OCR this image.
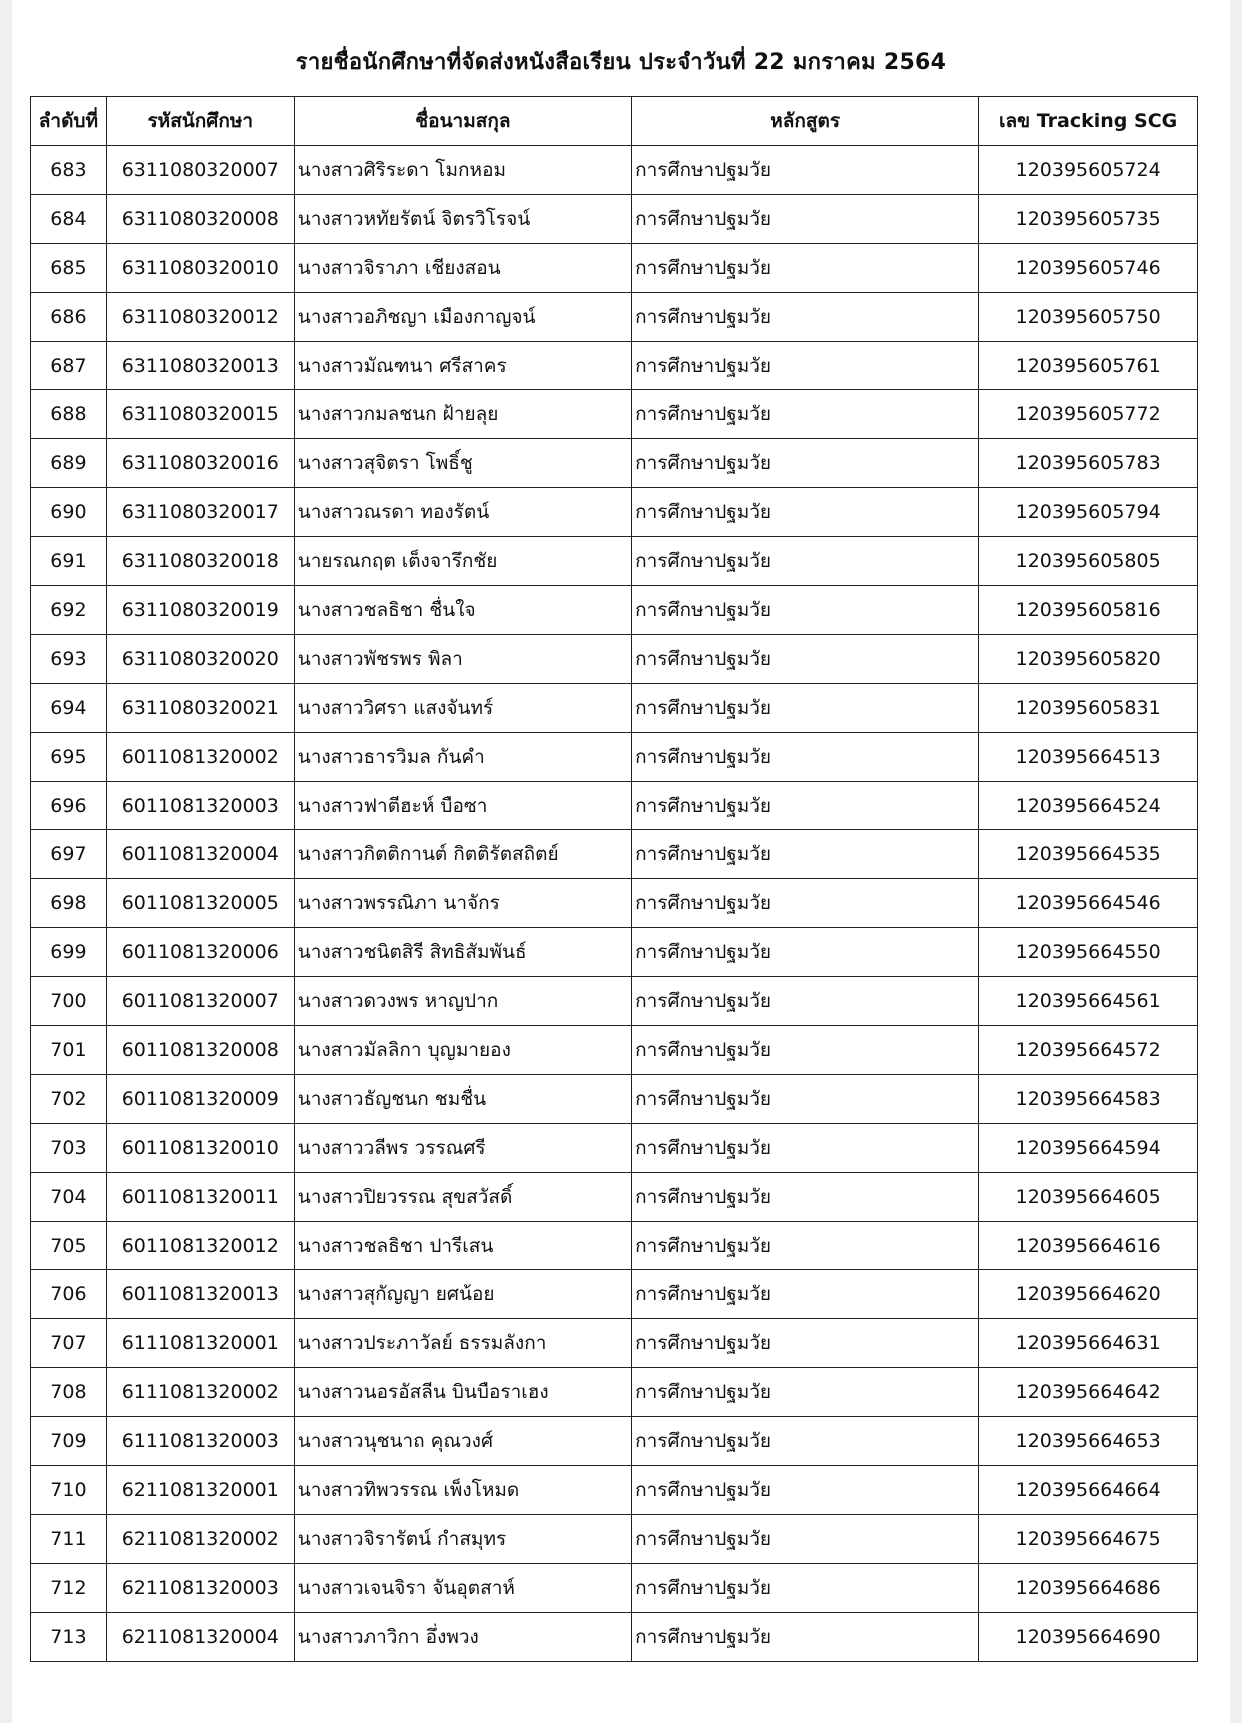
รายชื่อนักศึกษาที่จัดส่งหนังสือเรียน ประจำวันที่ 22 มกราคม 2564
ลำดับที่	รหัสนักศึกษา	ชื่อนามสกุล	หลักสูตร	เลข Tracking SCG
683	6311080320007	นางสาวศิริระดา โมกหอม	การศึกษาปฐมวัย	120395605724
684	6311080320008	นางสาวหทัยรัตน์ จิตรวิโรจน์	การศึกษาปฐมวัย	120395605735
685	6311080320010	นางสาวจิราภา เชียงสอน	การศึกษาปฐมวัย	120395605746
686	6311080320012	นางสาวอภิชญา เมืองกาญจน์	การศึกษาปฐมวัย	120395605750
687	6311080320013	นางสาวมัณฑนา ศรีสาคร	การศึกษาปฐมวัย	120395605761
688	6311080320015	นางสาวกมลชนก ฝ้ายลุย	การศึกษาปฐมวัย	120395605772
689	6311080320016	นางสาวสุจิตรา โพธิ์ชู	การศึกษาปฐมวัย	120395605783
690	6311080320017	นางสาวณรดา ทองรัตน์	การศึกษาปฐมวัย	120395605794
691	6311080320018	นายรณกฤต เต็งจารึกชัย	การศึกษาปฐมวัย	120395605805
692	6311080320019	นางสาวชลธิชา ชื่นใจ	การศึกษาปฐมวัย	120395605816
693	6311080320020	นางสาวพัชรพร พิลา	การศึกษาปฐมวัย	120395605820
694	6311080320021	นางสาววิศรา แสงจันทร์	การศึกษาปฐมวัย	120395605831
695	6011081320002	นางสาวธารวิมล กันคำ	การศึกษาปฐมวัย	120395664513
696	6011081320003	นางสาวฟาตีฮะห์ บือซา	การศึกษาปฐมวัย	120395664524
697	6011081320004	นางสาวกิตติกานต์ กิตติรัตสถิตย์	การศึกษาปฐมวัย	120395664535
698	6011081320005	นางสาวพรรณิภา นาจักร	การศึกษาปฐมวัย	120395664546
699	6011081320006	นางสาวชนิตสิรี สิทธิสัมพันธ์	การศึกษาปฐมวัย	120395664550
700	6011081320007	นางสาวดวงพร หาญปาก	การศึกษาปฐมวัย	120395664561
701	6011081320008	นางสาวมัลลิกา บุญมายอง	การศึกษาปฐมวัย	120395664572
702	6011081320009	นางสาวธัญชนก ชมชื่น	การศึกษาปฐมวัย	120395664583
703	6011081320010	นางสาววลีพร วรรณศรี	การศึกษาปฐมวัย	120395664594
704	6011081320011	นางสาวปิยวรรณ สุขสวัสดิ์	การศึกษาปฐมวัย	120395664605
705	6011081320012	นางสาวชลธิชา ปารีเสน	การศึกษาปฐมวัย	120395664616
706	6011081320013	นางสาวสุกัญญา ยศน้อย	การศึกษาปฐมวัย	120395664620
707	6111081320001	นางสาวประภาวัลย์ ธรรมลังกา	การศึกษาปฐมวัย	120395664631
708	6111081320002	นางสาวนอรอัสลีน บินบือราเฮง	การศึกษาปฐมวัย	120395664642
709	6111081320003	นางสาวนุชนาถ คุณวงศ์	การศึกษาปฐมวัย	120395664653
710	6211081320001	นางสาวทิพวรรณ เพ็งโหมด	การศึกษาปฐมวัย	120395664664
711	6211081320002	นางสาวจิรารัตน์ กำสมุทร	การศึกษาปฐมวัย	120395664675
712	6211081320003	นางสาวเจนจิรา จันอุตสาห์	การศึกษาปฐมวัย	120395664686
713	6211081320004	นางสาวภาวิกา อึ่งพวง	การศึกษาปฐมวัย	120395664690
